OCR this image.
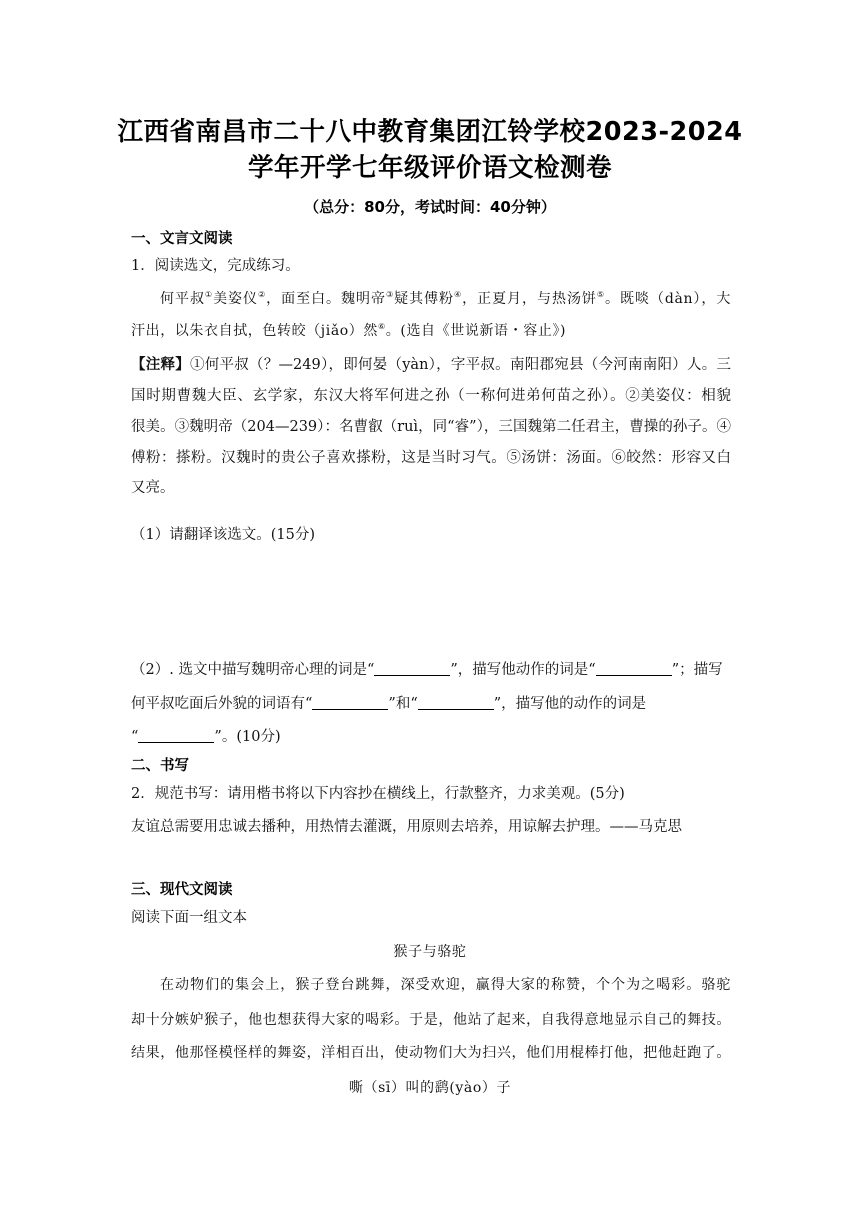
江西省南昌市二十八中教育集团江铃学校2023-2024
学年开学七年级评价语文检测卷
（总分：80分，考试时间：40分钟）
一、文言文阅读
1．阅读选文，完成练习。
何平叔①美姿仪②，面至白。魏明帝③疑其傅粉④，正夏月，与热汤饼⑤。既啖（dàn），大
汗出，以朱衣自拭，色转皎（jiǎo）然⑥。(选自《世说新语・容止》)
【注释】①何平叔（？—249），即何晏（yàn），字平叔。南阳郡宛县（今河南南阳）人。三
国时期曹魏大臣、玄学家，东汉大将军何进之孙（一称何进弟何苗之孙）。②美姿仪：相貌
很美。③魏明帝（204—239）：名曹叡（ruì，同“睿”），三国魏第二任君主，曹操的孙子。④
傅粉：搽粉。汉魏时的贵公子喜欢搽粉，这是当时习气。⑤汤饼：汤面。⑥皎然：形容又白
又亮。
（1）请翻译该选文。(15分)
（2）. 选文中描写魏明帝心理的词是“	”，描写他动作的词是“	”；描写
何平叔吃面后外貌的词语有“	”和“	”，描写他的动作的词是
“	”。(10分)
二、书写
2．规范书写：请用楷书将以下内容抄在横线上，行款整齐，力求美观。(5分)
友谊总需要用忠诚去播种，用热情去灌溉，用原则去培养，用谅解去护理。——马克思
三、现代文阅读
阅读下面一组文本
猴子与骆驼
在动物们的集会上，猴子登台跳舞，深受欢迎，赢得大家的称赞，个个为之喝彩。骆驼
却十分嫉妒猴子，他也想获得大家的喝彩。于是，他站了起来，自我得意地显示自己的舞技。
结果，他那怪模怪样的舞姿，洋相百出，使动物们大为扫兴，他们用棍棒打他，把他赶跑了。
嘶（sī）叫的鹞(yào）子
